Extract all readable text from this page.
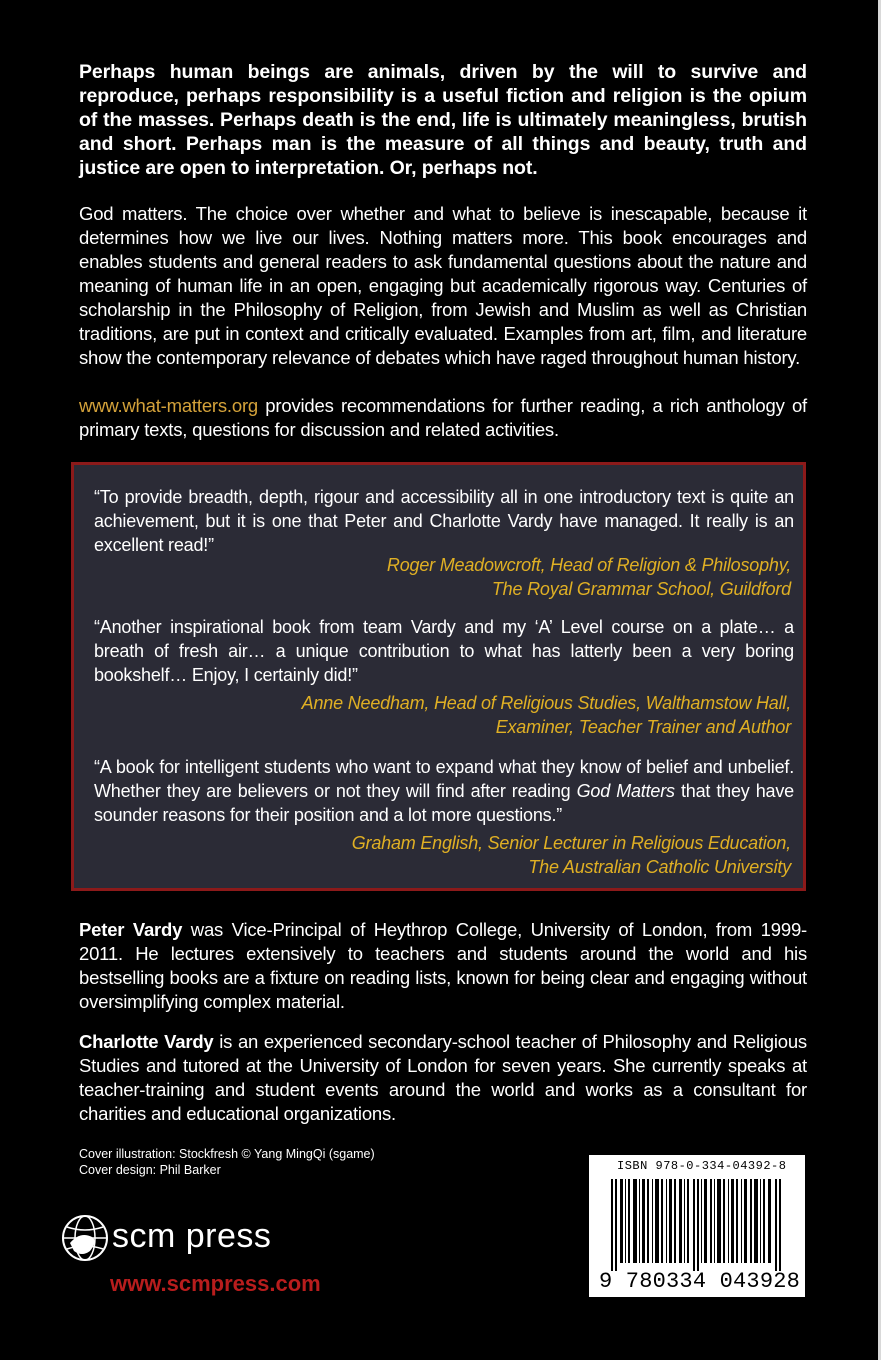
Perhaps human beings are animals, driven by the will to survive and reproduce, perhaps responsibility is a useful fiction and religion is the opium of the masses. Perhaps death is the end, life is ultimately meaningless, brutish and short. Perhaps man is the measure of all things and beauty, truth and justice are open to interpretation. Or, perhaps not.
God matters. The choice over whether and what to believe is inescapable, because it determines how we live our lives. Nothing matters more. This book encourages and enables students and general readers to ask fundamental questions about the nature and meaning of human life in an open, engaging but academically rigorous way. Centuries of scholarship in the Philosophy of Religion, from Jewish and Muslim as well as Christian traditions, are put in context and critically evaluated. Examples from art, film, and literature show the contemporary relevance of debates which have raged throughout human history.
www.what-matters.org provides recommendations for further reading, a rich anthology of primary texts, questions for discussion and related activities.
“To provide breadth, depth, rigour and accessibility all in one introductory text is quite an achievement, but it is one that Peter and Charlotte Vardy have managed. It really is an excellent read!”
Roger Meadowcroft, Head of Religion & Philosophy,
The Royal Grammar School, Guildford
“Another inspirational book from team Vardy and my ‘A’ Level course on a plate… a breath of fresh air… a unique contribution to what has latterly been a very boring bookshelf… Enjoy, I certainly did!”
Anne Needham, Head of Religious Studies, Walthamstow Hall,
Examiner, Teacher Trainer and Author
“A book for intelligent students who want to expand what they know of belief and unbelief. Whether they are believers or not they will find after reading God Matters that they have sounder reasons for their position and a lot more questions.”
Graham English, Senior Lecturer in Religious Education,
The Australian Catholic University
Peter Vardy was Vice-Principal of Heythrop College, University of London, from 1999-2011. He lectures extensively to teachers and students around the world and his bestselling books are a fixture on reading lists, known for being clear and engaging without oversimplifying complex material.
Charlotte Vardy is an experienced secondary-school teacher of Philosophy and Religious Studies and tutored at the University of London for seven years. She currently speaks at teacher-training and student events around the world and works as a consultant for charities and educational organizations.
Cover illustration: Stockfresh © Yang MingQi (sgame)
Cover design: Phil Barker
scm press
www.scmpress.com
ISBN 978-0-334-04392-8
9 780334 043928
